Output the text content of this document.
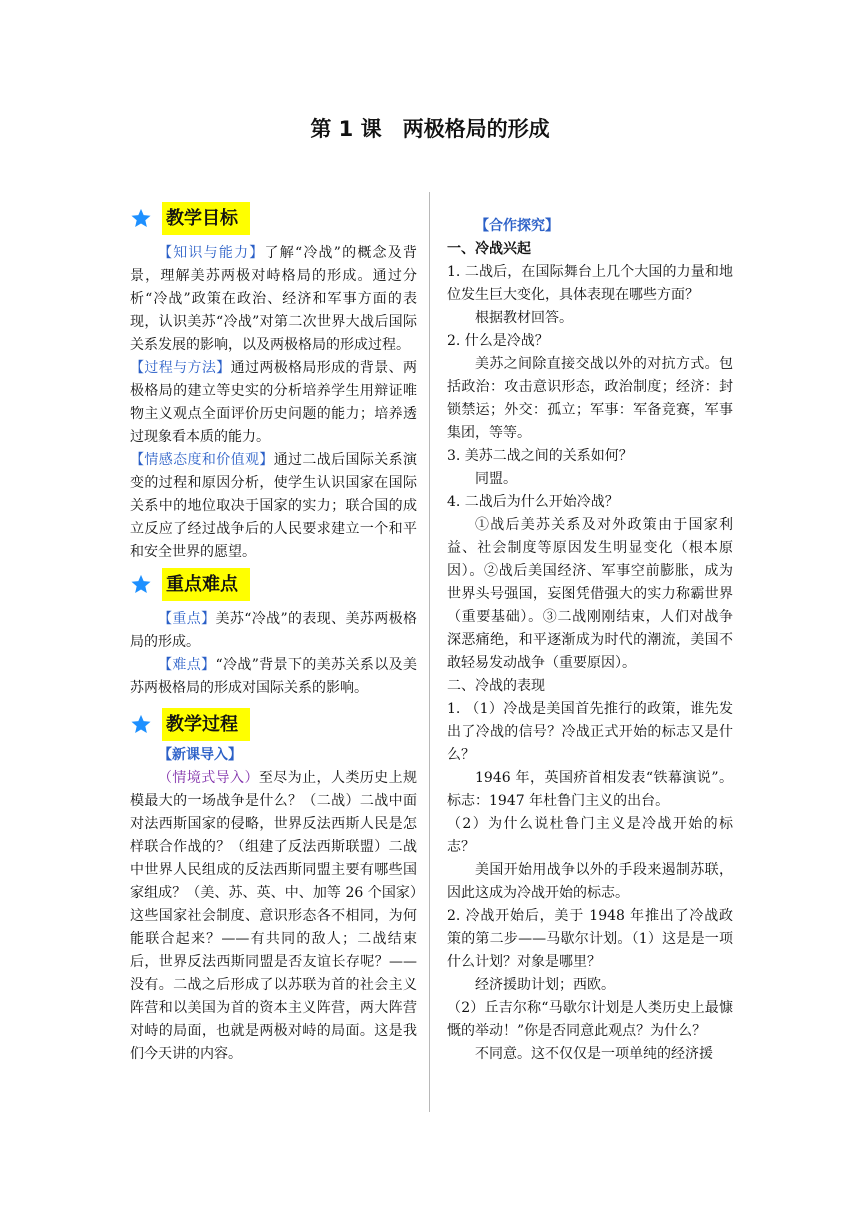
第 1 课　两极格局的形成
教学目标

【知识与能力】了解“冷战”的概念及背景，理解美苏两极对峙格局的形成。通过分析“冷战”政策在政治、经济和军事方面的表现，认识美苏“冷战”对第二次世界大战后国际关系发展的影响，以及两极格局的形成过程。

【过程与方法】通过两极格局形成的背景、两极格局的建立等史实的分析培养学生用辩证唯物主义观点全面评价历史问题的能力；培养透过现象看本质的能力。

【情感态度和价值观】通过二战后国际关系演变的过程和原因分析，使学生认识国家在国际关系中的地位取决于国家的实力；联合国的成立反应了经过战争后的人民要求建立一个和平和安全世界的愿望。

重点难点

【重点】美苏“冷战”的表现、美苏两极格局的形成。

【难点】“冷战”背景下的美苏关系以及美苏两极格局的形成对国际关系的影响。

教学过程

【新课导入】

（情境式导入）至尽为止，人类历史上规模最大的一场战争是什么？（二战）二战中面对法西斯国家的侵略，世界反法西斯人民是怎样联合作战的？（组建了反法西斯联盟）二战中世界人民组成的反法西斯同盟主要有哪些国家组成？（美、苏、英、中、加等 26 个国家）这些国家社会制度、意识形态各不相同，为何能联合起来？——有共同的敌人；二战结束后，世界反法西斯同盟是否友谊长存呢？——没有。二战之后形成了以苏联为首的社会主义阵营和以美国为首的资本主义阵营，两大阵营对峙的局面，也就是两极对峙的局面。这是我们今天讲的内容。

【合作探究】

一、冷战兴起

1. 二战后，在国际舞台上几个大国的力量和地位发生巨大变化，具体表现在哪些方面？

根据教材回答。

2. 什么是冷战？

美苏之间除直接交战以外的对抗方式。包括政治：攻击意识形态，政治制度；经济：封锁禁运；外交：孤立；军事：军备竞赛，军事集团，等等。

3. 美苏二战之间的关系如何？

同盟。

4. 二战后为什么开始冷战？

①战后美苏关系及对外政策由于国家利益、社会制度等原因发生明显变化（根本原因）。②战后美国经济、军事空前膨胀，成为世界头号强国，妄图凭借强大的实力称霸世界（重要基础）。③二战刚刚结束，人们对战争深恶痛绝，和平逐渐成为时代的潮流，美国不敢轻易发动战争（重要原因）。

二、冷战的表现

1. （1）冷战是美国首先推行的政策，谁先发出了冷战的信号？冷战正式开始的标志又是什么？

1946 年，英国疥首相发表“铁幕演说”。标志：1947 年杜鲁门主义的出台。

（2）为什么说杜鲁门主义是冷战开始的标志？

美国开始用战争以外的手段来遏制苏联，因此这成为冷战开始的标志。

2. 冷战开始后，美于 1948 年推出了冷战政策的第二步——马歇尔计划。（1）这是是一项什么计划？对象是哪里？

经济援助计划；西欧。

（2）丘吉尔称“马歇尔计划是人类历史上最慷慨的举动！”你是否同意此观点？为什么？

不同意。这不仅仅是一项单纯的经济援
